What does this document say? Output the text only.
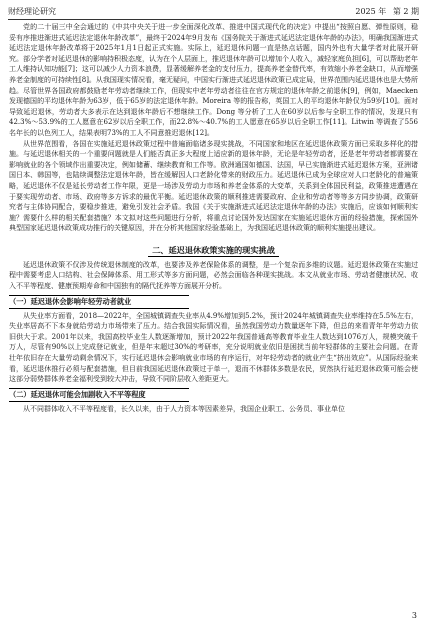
财经理论研究	2025 年 第 2 期

党的二十届三中全会通过的《中共中央关于进一步全面深化改革、推进中国式现代化的决定》中提出“按照自愿、弹性原则，稳妥有序推进渐进式延迟法定退休年龄改革”，最终于2024年9月发布《国务院关于渐进式延迟法定退休年龄的办法》，明确我国渐进式延迟法定退休年龄改革将于2025年1月1日起正式实施。实际上，延迟退休问题一直是热点话题，国内外也有大量学者对此展开研究。部分学者对延迟退休的影响持积极态度，认为在个人层面上，推迟退休年龄可以增加个人收入，减轻家庭负担[6]，可以帮助老年工人维持认知功能[7]；这可以减少人力资本浪费，显著缓解养老金的支付压力，提高养老金替代率，有效缩小养老金缺口，从而增强养老金制度的可持续性[8]。从我国现实情况看，毫无疑问，中国实行渐进式延迟退休政策已成定局，世界范围内延迟退休也是大势所趋。尽管世界各国政府都鼓励老年劳动者继续工作，但现实中老年劳动者往往在官方规定的退休年龄之前退休[9]，例如，Maecken 发现德国的平均退休年龄为63岁，低于65岁的法定退休年龄。Moreira 等的报告称，英国工人的平均退休年龄仅为59岁[10]。面对导致延迟退休，劳动者大多表示在达到退休年龄后不想继续工作。Dong 等分析了工人在60岁以后参与全职工作的情况，发现只有42.3%～53.9%的工人愿意在62岁以后全职工作，而22.8%～40.7%的工人愿意在65岁以后全职工作[11]。Litwin 等调查了556名年长的以色列工人，结果表明73%的工人不同意推迟退休[12]。

从世界范围看，各国在实施延迟退休政策过程中普遍面临诸多现实挑战，不同国家和地区在延迟退休政策方面已采取多样化的措施。与延迟退休相关的一个重要问题就是人们能否真正多大程度上适应新的退休年龄，无论是年轻劳动者，还是老年劳动者都需要在影响就业的各个领域作出重要决定，例如储蓄、继续教育和工作等。欧洲通国如德国、法国，早已实施渐进式延迟退休方案，亚洲诸国日本、韩国等，也陆续调整法定退休年龄，皆在缓解因人口老龄化带来的财政压力。延迟退休已成为全球应对人口老龄化的普遍策略，延迟退休不仅是延长劳动者工作年限，更是一场涉及劳动力市场和养老金体系的大变革，关系到全体国民利益，政策推进遭遇在于要实现劳动者、市场、政府等多方诉求的最优平衡。延迟退休政策的顺利推进需要政府、企业和劳动者等等多方同步协调，政策研究者与主体协同配合，要稳步推进，避免引发社会矛盾。我国《关于实施渐进式延迟法定退休年龄的办法》实施后，应该如何顺利实施？需要什么样的相关配套措施？本文拟对这些问题进行分析，将重点讨论国外发达国家在实施延迟退休方面的经验措施，探索国外典型国家延迟退休政策成功推行的关键原因，并在分析其他国家经验基础上，为我国延迟退休政策的顺利实施提出建议。

二、延迟退休政策实施的现实挑战

延迟退休政策不仅涉及传统退休制度的改革，也要涉及养老保险体系的调整，是一个复杂而多维的议题。延迟退休政策在实施过程中需要考虑人口结构、社会保障体系、用工形式等多方面问题，必然会面临各种现实挑战。本文从就业市场、劳动者健康状况、收入不平等程度、健康预期寿命和中国独有的隔代抚养等方面展开分析。

（一）延迟退休会影响年轻劳动者就业

从失业率方面看，2018—2022年，全国城镇调查失业率从4.9%增加到5.2%，预计2024年城镇调查失业率维持在5.5%左右，失业率居高不下本身就给劳动力市场带来了压力。结合我国实际情况看，虽然我国劳动力数量逐年下降，但总的来看青年年劳动力依旧供大于求。2001年以来，我国高校毕业生人数逐渐增加，预计2022年我国普通高等教育毕业生人数达到1076万人，规模突破千万人，尽管有90%以上完成登记就业，但是年末超过30%的考研率，充分说明就业依旧是困扰当前年轻群体的主要社会问题。在青壮年依旧存在大量劳动剩余情况下，实行延迟退休会影响就业市场的有序运行，对年轻劳动者的就业产生“挤出效应”。从国际经验来看，延迟退休推行必须与配套措施，但目前我国延迟退休政策过于单一，退而不休群体多数是农民，贸然执行延迟退休政策可能会使这部分弱势群体养老金福利受到较大冲击，导致不同阶层收入差距更大。

（二）延迟退休可能会加剧收入不平等程度

从不同群体收入不平等程度看，长久以来，由于人力资本等因素差异，我国企业职工、公务员、事业单位

3
